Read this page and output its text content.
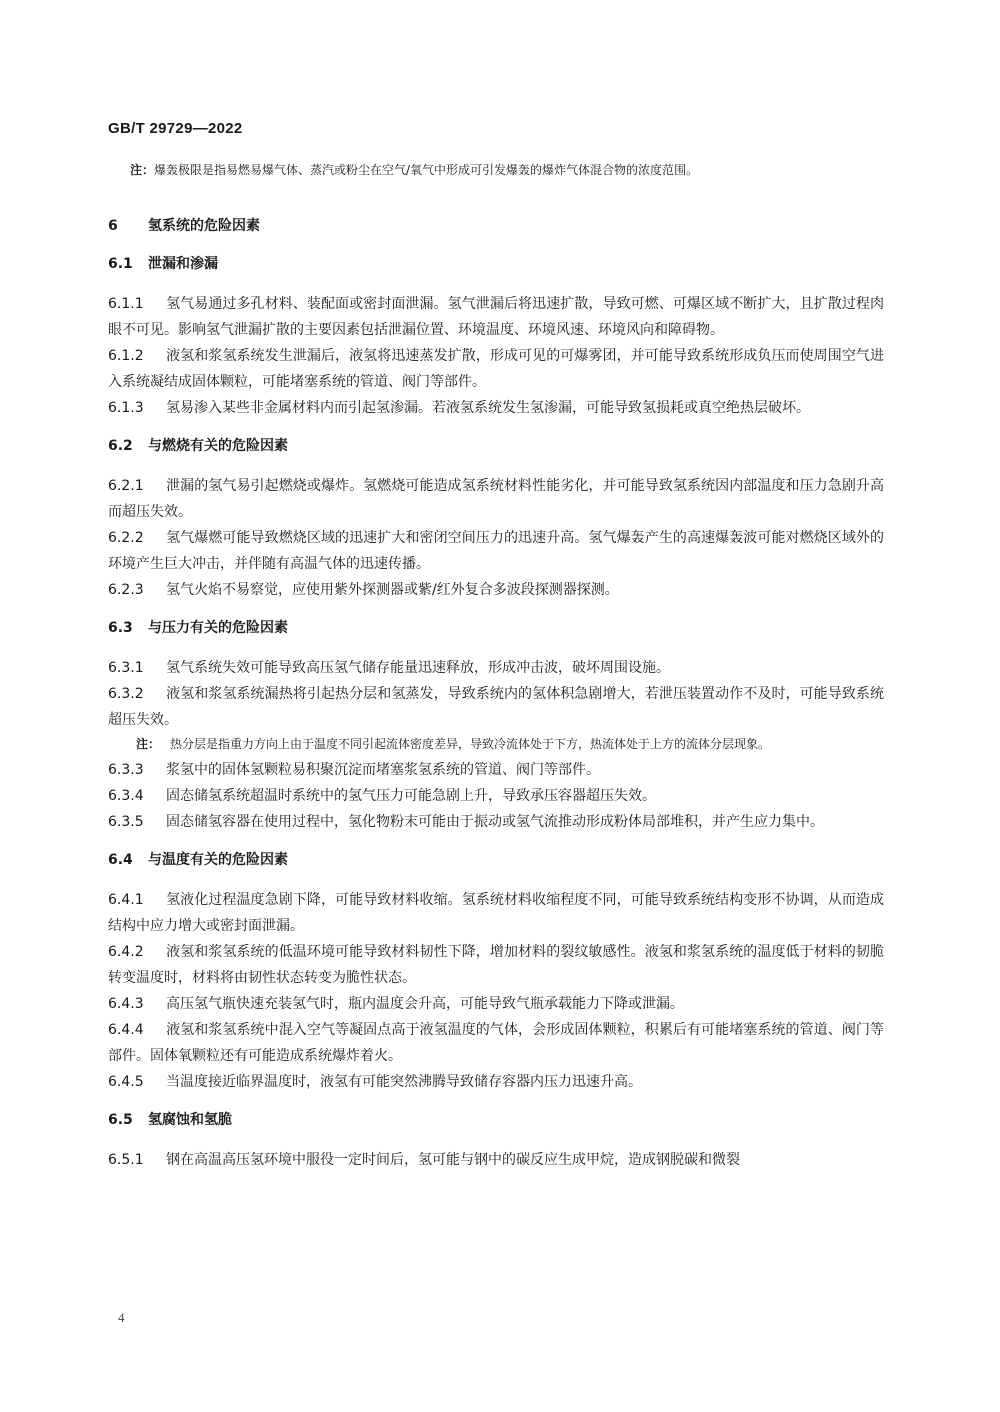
GB/T 29729—2022

注：爆轰极限是指易燃易爆气体、蒸汽或粉尘在空气/氧气中形成可引发爆轰的爆炸气体混合物的浓度范围。

6 氢系统的危险因素
6.1 泄漏和渗漏

6.1.1 氢气易通过多孔材料、装配面或密封面泄漏。氢气泄漏后将迅速扩散，导致可燃、可爆区域不断扩大，且扩散过程肉眼不可见。影响氢气泄漏扩散的主要因素包括泄漏位置、环境温度、环境风速、环境风向和障碍物。

6.1.2 液氢和浆氢系统发生泄漏后，液氢将迅速蒸发扩散，形成可见的可爆雾团，并可能导致系统形成负压而使周围空气进入系统凝结成固体颗粒，可能堵塞系统的管道、阀门等部件。

6.1.3 氢易渗入某些非金属材料内而引起氢渗漏。若液氢系统发生氢渗漏，可能导致氢损耗或真空绝热层破坏。

6.2 与燃烧有关的危险因素

6.2.1 泄漏的氢气易引起燃烧或爆炸。氢燃烧可能造成氢系统材料性能劣化，并可能导致氢系统因内部温度和压力急剧升高而超压失效。

6.2.2 氢气爆燃可能导致燃烧区域的迅速扩大和密闭空间压力的迅速升高。氢气爆轰产生的高速爆轰波可能对燃烧区域外的环境产生巨大冲击，并伴随有高温气体的迅速传播。

6.2.3 氢气火焰不易察觉，应使用紫外探测器或紫/红外复合多波段探测器探测。

6.3 与压力有关的危险因素

6.3.1 氢气系统失效可能导致高压氢气储存能量迅速释放，形成冲击波，破坏周围设施。

6.3.2 液氢和浆氢系统漏热将引起热分层和氢蒸发，导致系统内的氢体积急剧增大，若泄压装置动作不及时，可能导致系统超压失效。

注： 热分层是指重力方向上由于温度不同引起流体密度差异，导致冷流体处于下方，热流体处于上方的流体分层现象。

6.3.3 浆氢中的固体氢颗粒易积聚沉淀而堵塞浆氢系统的管道、阀门等部件。

6.3.4 固态储氢系统超温时系统中的氢气压力可能急剧上升，导致承压容器超压失效。

6.3.5 固态储氢容器在使用过程中，氢化物粉末可能由于振动或氢气流推动形成粉体局部堆积，并产生应力集中。

6.4 与温度有关的危险因素

6.4.1 氢液化过程温度急剧下降，可能导致材料收缩。氢系统材料收缩程度不同，可能导致系统结构变形不协调，从而造成结构中应力增大或密封面泄漏。

6.4.2 液氢和浆氢系统的低温环境可能导致材料韧性下降，增加材料的裂纹敏感性。液氢和浆氢系统的温度低于材料的韧脆转变温度时，材料将由韧性状态转变为脆性状态。

6.4.3 高压氢气瓶快速充装氢气时，瓶内温度会升高，可能导致气瓶承载能力下降或泄漏。

6.4.4 液氢和浆氢系统中混入空气等凝固点高于液氢温度的气体，会形成固体颗粒，积累后有可能堵塞系统的管道、阀门等部件。固体氧颗粒还有可能造成系统爆炸着火。

6.4.5 当温度接近临界温度时，液氢有可能突然沸腾导致储存容器内压力迅速升高。

6.5 氢腐蚀和氢脆

6.5.1 钢在高温高压氢环境中服役一定时间后，氢可能与钢中的碳反应生成甲烷，造成钢脱碳和微裂

4
